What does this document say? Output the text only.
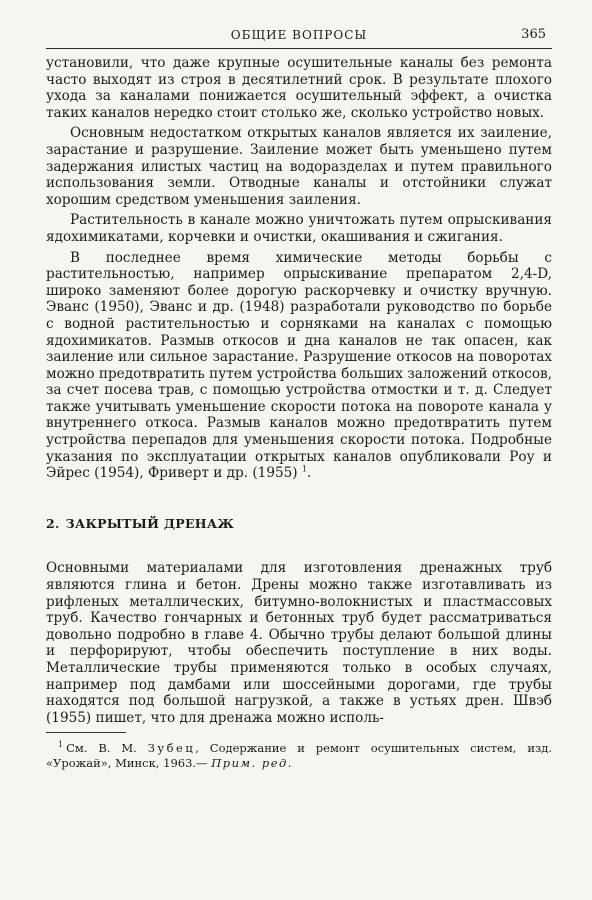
ОБЩИЕ ВОПРОСЫ	365

установили, что даже крупные осушительные каналы без ремонта часто выходят из строя в десятилетний срок. В результате плохого ухода за каналами понижается осушительный эффект, а очистка таких каналов нередко стоит столько же, сколько устройство новых.

Основным недостатком открытых каналов является их заиление, зарастание и разрушение. Заиление может быть уменьшено путем задержания илистых частиц на водоразделах и путем правильного использования земли. Отводные каналы и отстойники служат хорошим средством уменьшения заиления.

Растительность в канале можно уничтожать путем опрыскивания ядохимикатами, корчевки и очистки, окашивания и сжигания.

В последнее время химические методы борьбы с растительностью, например опрыскивание препаратом 2,4-D, широко заменяют более дорогую раскорчевку и очистку вручную. Эванс (1950), Эванс и др. (1948) разработали руководство по борьбе с водной растительностью и сорняками на каналах с помощью ядохимикатов. Размыв откосов и дна каналов не так опасен, как заиление или сильное зарастание. Разрушение откосов на поворотах можно предотвратить путем устройства больших заложений откосов, за счет посева трав, с помощью устройства отмостки и т. д. Следует также учитывать уменьшение скорости потока на повороте канала у внутреннего откоса. Размыв каналов можно предотвратить путем устройства перепадов для уменьшения скорости потока. Подробные указания по эксплуатации открытых каналов опубликовали Роу и Эйрес (1954), Фриверт и др. (1955) $^1$.

2. ЗАКРЫТЫЙ ДРЕНАЖ

Основными материалами для изготовления дренажных труб являются глина и бетон. Дрены можно также изготавливать из рифленых металлических, битумно-волокнистых и пластмассовых труб. Качество гончарных и бетонных труб будет рассматриваться довольно подробно в главе 4. Обычно трубы делают большой длины и перфорируют, чтобы обеспечить поступление в них воды. Металлические трубы применяются только в особых случаях, например под дамбами или шоссейными дорогами, где трубы находятся под большой нагрузкой, а также в устьях дрен. Швэб (1955) пишет, что для дренажа можно исполь-

$^1$ См. В. М. Зубец, Содержание и ремонт осушительных систем, изд. «Урожай», Минск, 1963.— Прим. ред.
